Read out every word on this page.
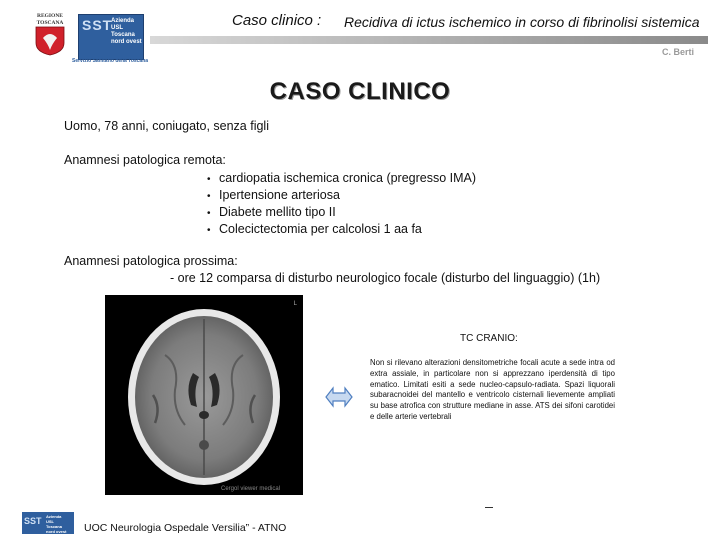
REGIONE
TOSCANA SST
Azienda
USL
Toscana
nord ovest
Servizio Sanitario della Toscana
Caso clinico : Recidiva di ictus ischemico in corso di fibrinolisi sistemica
C. Berti
CASO CLINICO
Uomo, 78 anni, coniugato, senza figli
Anamnesi patologica remota:
• cardiopatia ischemica cronica (pregresso IMA)
• Ipertensione arteriosa
• Diabete mellito tipo II
• Colecictectomia per calcolosi 1 aa fa
Anamnesi patologica prossima:
- ore 12 comparsa di disturbo neurologico focale (disturbo del linguaggio) (1h)
L
Cergol viewer medical
TC CRANIO:
Non si rilevano alterazioni densitometriche focali acute a sede intra od extra assiale, in particolare non si apprezzano iperdensità di tipo ematico. Limitati esiti a sede nucleo-capsulo-radiata. Spazi liquorali subaracnoidei del mantello e ventricolo cisternali lievemente ampliati su base atrofica con strutture mediane in asse. ATS dei sifoni carotidei e delle arterie vertebrali
SST Azienda
USL
Toscana
nord ovest UOC Neurologia Ospedale Versilia” - ATNO
